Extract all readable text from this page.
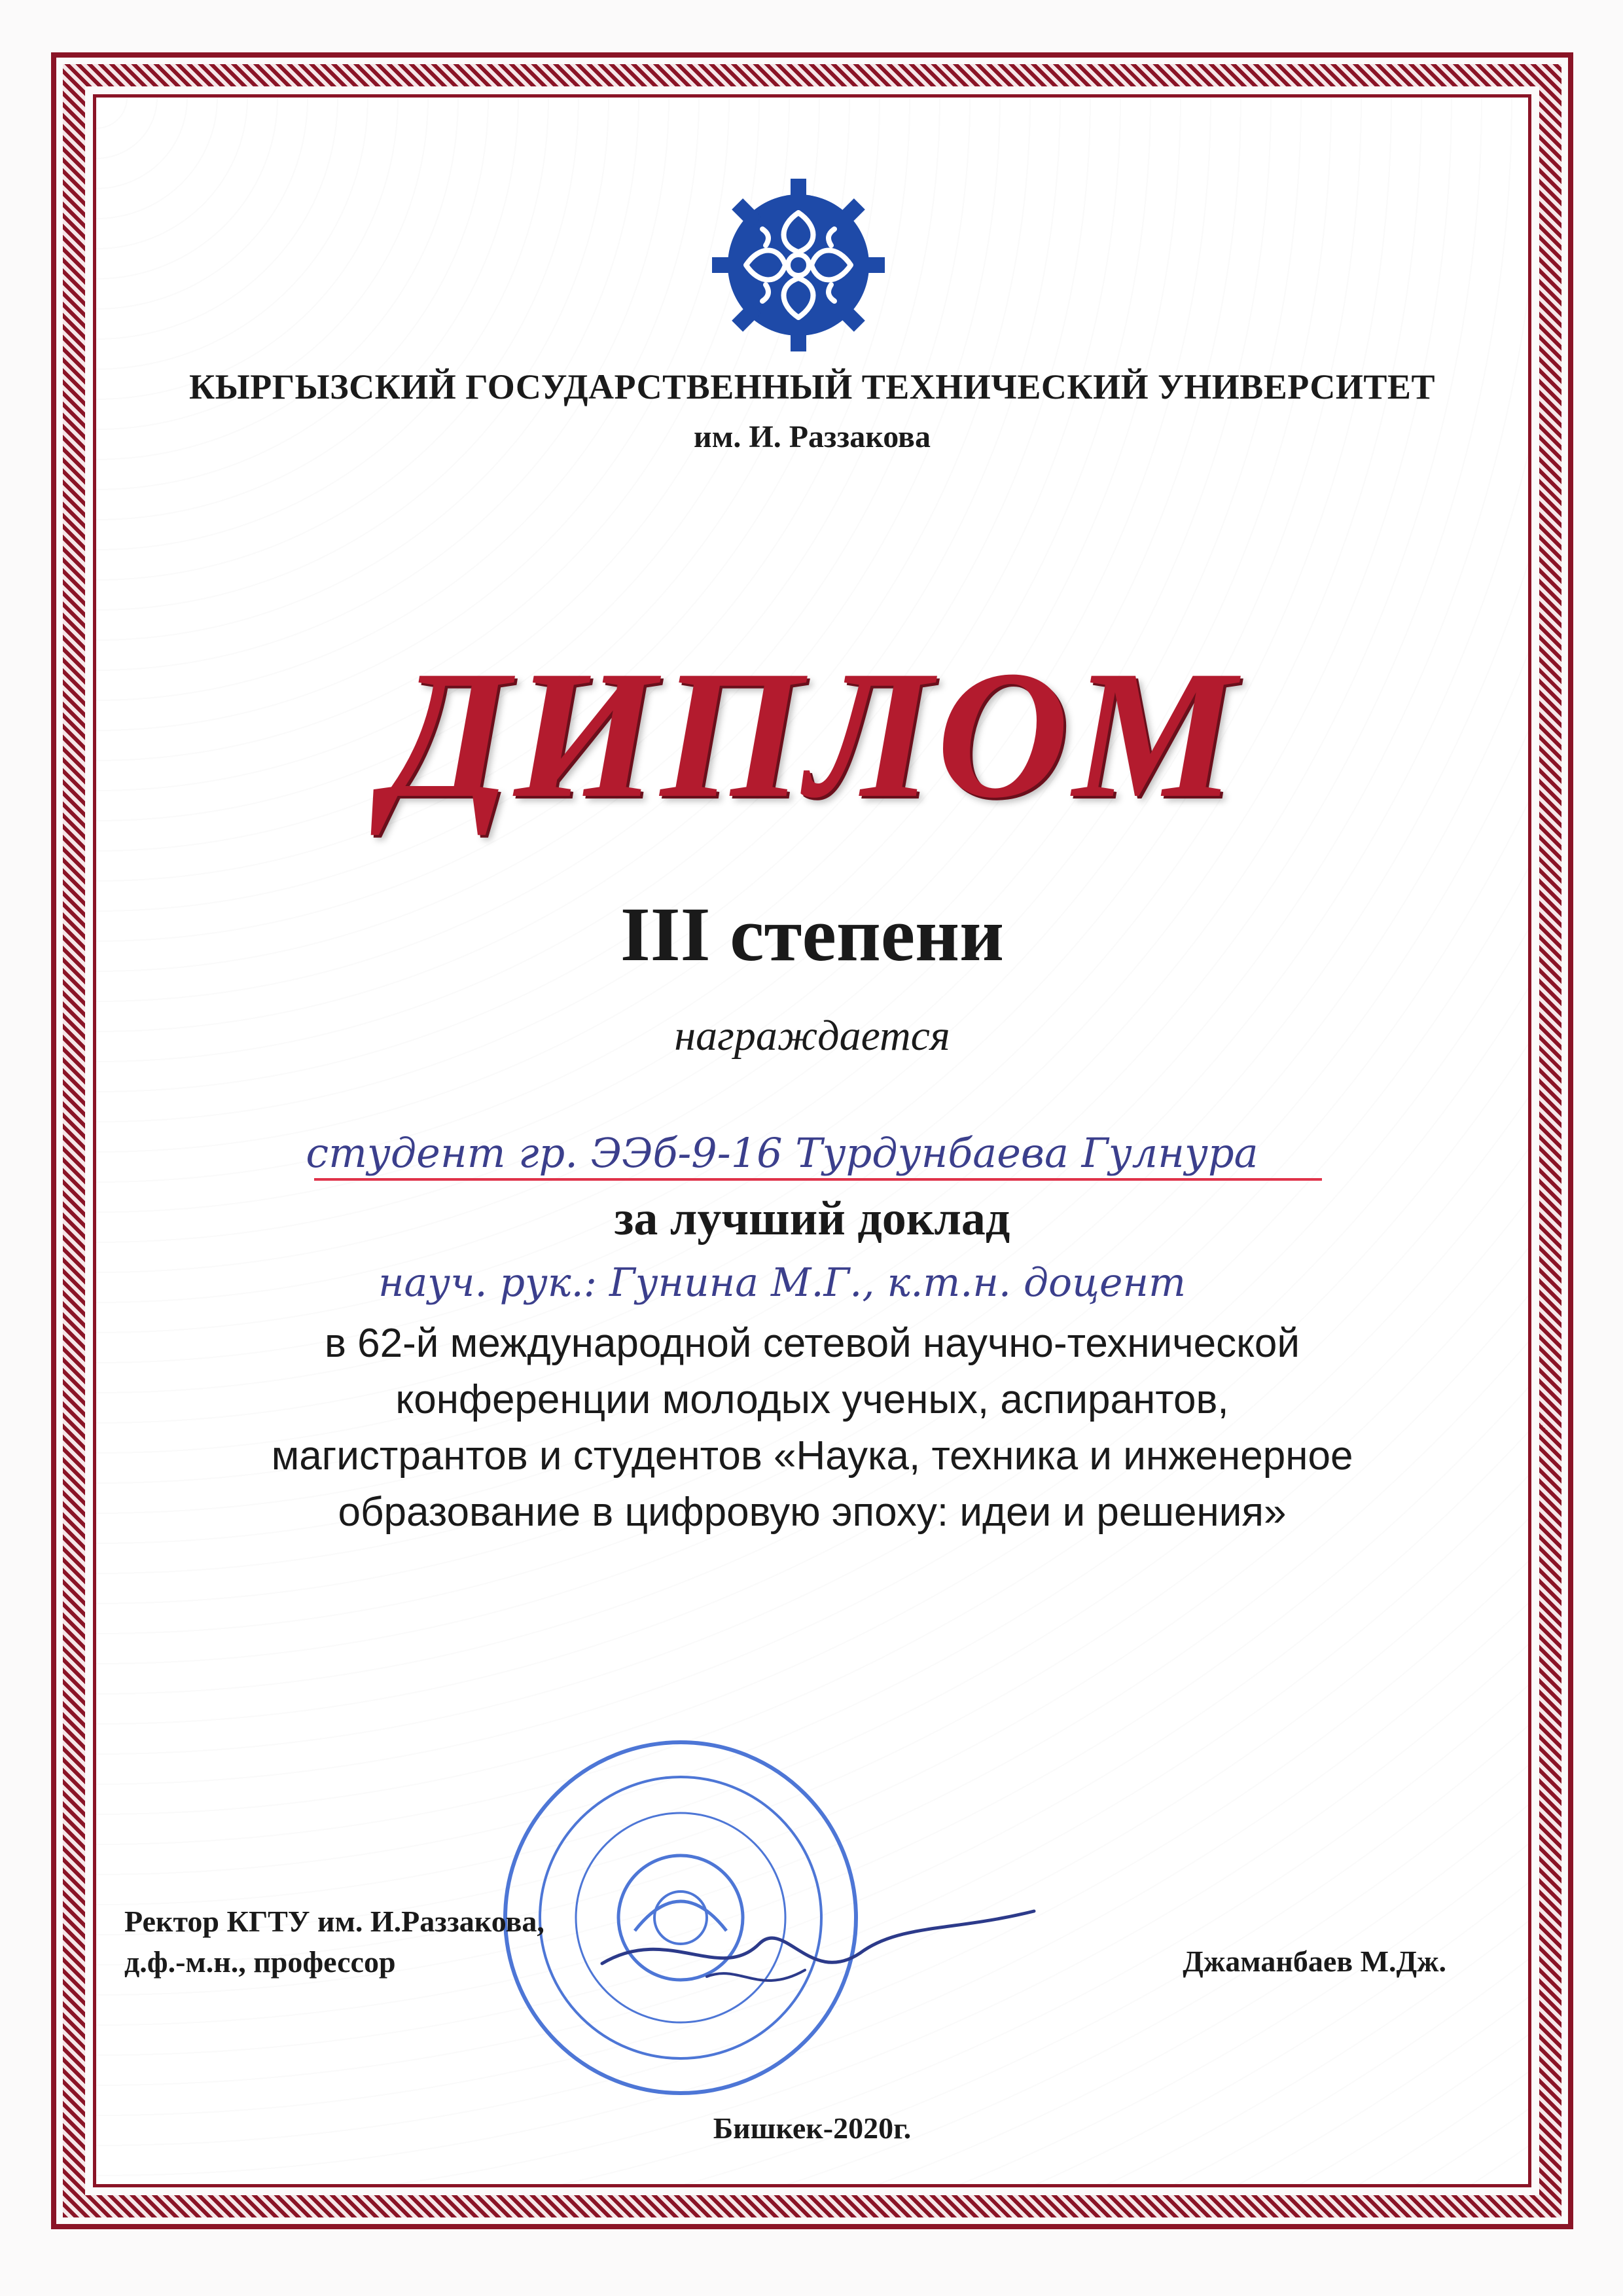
КЫРГЫЗСКИЙ ГОСУДАРСТВЕННЫЙ ТЕХНИЧЕСКИЙ УНИВЕРСИТЕТ
им. И. Раззакова
ДИПЛОМ
III степени
награждается
студент гр. ЭЭб-9-16 Турдунбаева Гулнура
за лучший доклад
науч. рук.: Гунина М.Г., к.т.н. доцент
в 62-й международной сетевой научно-технической
конференции молодых ученых, аспирантов,
магистрантов и студентов «Наука, техника и инженерное
образование в цифровую эпоху: идеи и решения»
Ректор КГТУ им. И.Раззакова,
д.ф.-м.н., профессор	Джаманбаев М.Дж.
Бишкек-2020г.
